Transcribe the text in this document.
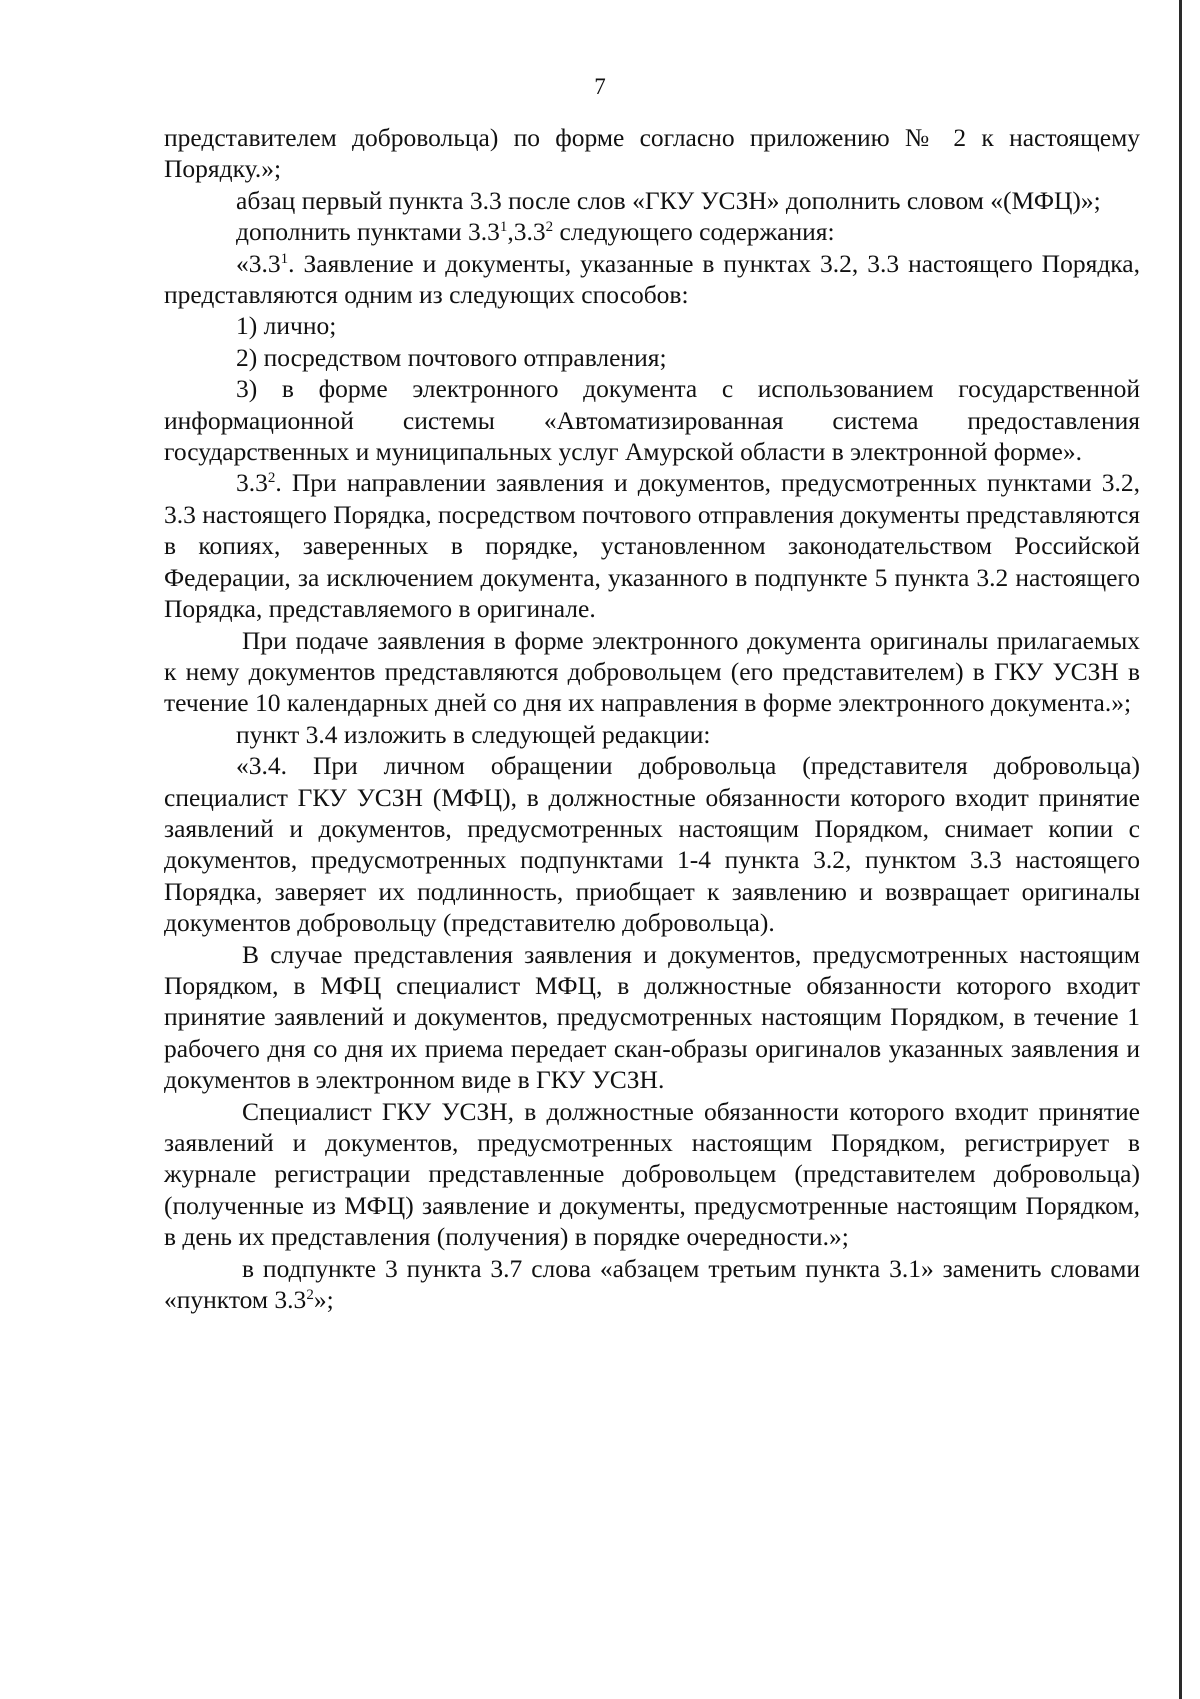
7

представителем добровольца) по форме согласно приложению № 2 к настоящему Порядку.»;

абзац первый пункта 3.3 после слов «ГКУ УСЗН» дополнить словом «(МФЦ)»;

дополнить пунктами $3.3^1,3.3^2$ следующего содержания:

«$3.3^1$. Заявление и документы, указанные в пунктах 3.2, 3.3 настоящего Порядка, представляются одним из следующих способов:

1) лично;

2) посредством почтового отправления;

3) в форме электронного документа с использованием государственной информационной системы «Автоматизированная система предоставления государственных и муниципальных услуг Амурской области в электронной форме».

$3.3^2$. При направлении заявления и документов, предусмотренных пунктами 3.2, 3.3 настоящего Порядка, посредством почтового отправления документы представляются в копиях, заверенных в порядке, установленном законодательством Российской Федерации, за исключением документа, указанного в подпункте 5 пункта 3.2 настоящего Порядка, представляемого в оригинале.

При подаче заявления в форме электронного документа оригиналы прилагаемых к нему документов представляются добровольцем (его представителем) в ГКУ УСЗН в течение 10 календарных дней со дня их направления в форме электронного документа.»;

пункт 3.4 изложить в следующей редакции:

«3.4. При личном обращении добровольца (представителя добровольца) специалист ГКУ УСЗН (МФЦ), в должностные обязанности которого входит принятие заявлений и документов, предусмотренных настоящим Порядком, снимает копии с документов, предусмотренных подпунктами 1-4 пункта 3.2, пунктом 3.3 настоящего Порядка, заверяет их подлинность, приобщает к заявлению и возвращает оригиналы документов добровольцу (представителю добровольца).

В случае представления заявления и документов, предусмотренных настоящим Порядком, в МФЦ специалист МФЦ, в должностные обязанности которого входит принятие заявлений и документов, предусмотренных настоящим Порядком, в течение 1 рабочего дня со дня их приема передает скан-образы оригиналов указанных заявления и документов в электронном виде в ГКУ УСЗН.

Специалист ГКУ УСЗН, в должностные обязанности которого входит принятие заявлений и документов, предусмотренных настоящим Порядком, регистрирует в журнале регистрации представленные добровольцем (представителем добровольца) (полученные из МФЦ) заявление и документы, предусмотренные настоящим Порядком, в день их представления (получения) в порядке очередности.»;

в подпункте 3 пункта 3.7 слова «абзацем третьим пункта 3.1» заменить словами «пунктом $3.3^2$»;
